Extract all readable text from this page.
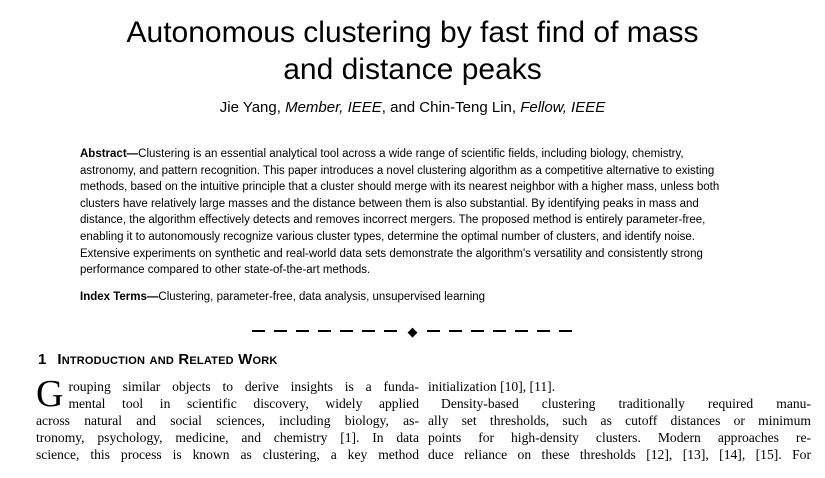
Autonomous clustering by fast find of mass
and distance peaks
Jie Yang, Member, IEEE, and Chin-Teng Lin, Fellow, IEEE
Abstract—Clustering is an essential analytical tool across a wide range of scientific fields, including biology, chemistry,
astronomy, and pattern recognition. This paper introduces a novel clustering algorithm as a competitive alternative to existing
methods, based on the intuitive principle that a cluster should merge with its nearest neighbor with a higher mass, unless both
clusters have relatively large masses and the distance between them is also substantial. By identifying peaks in mass and
distance, the algorithm effectively detects and removes incorrect mergers. The proposed method is entirely parameter-free,
enabling it to autonomously recognize various cluster types, determine the optimal number of clusters, and identify noise.
Extensive experiments on synthetic and real-world data sets demonstrate the algorithm's versatility and consistently strong
performance compared to other state-of-the-art methods.
Index Terms—Clustering, parameter-free, data analysis, unsupervised learning
◆
1 Introduction and Related Work
G rouping similar objects to derive insights is a funda-
mental tool in scientific discovery, widely applied
across natural and social sciences, including biology, as-
tronomy, psychology, medicine, and chemistry [1]. In data
science, this process is known as clustering, a key method
initialization [10], [11].
Density-based clustering traditionally required manu-
ally set thresholds, such as cutoff distances or minimum
points for high-density clusters. Modern approaches re-
duce reliance on these thresholds [12], [13], [14], [15]. For
